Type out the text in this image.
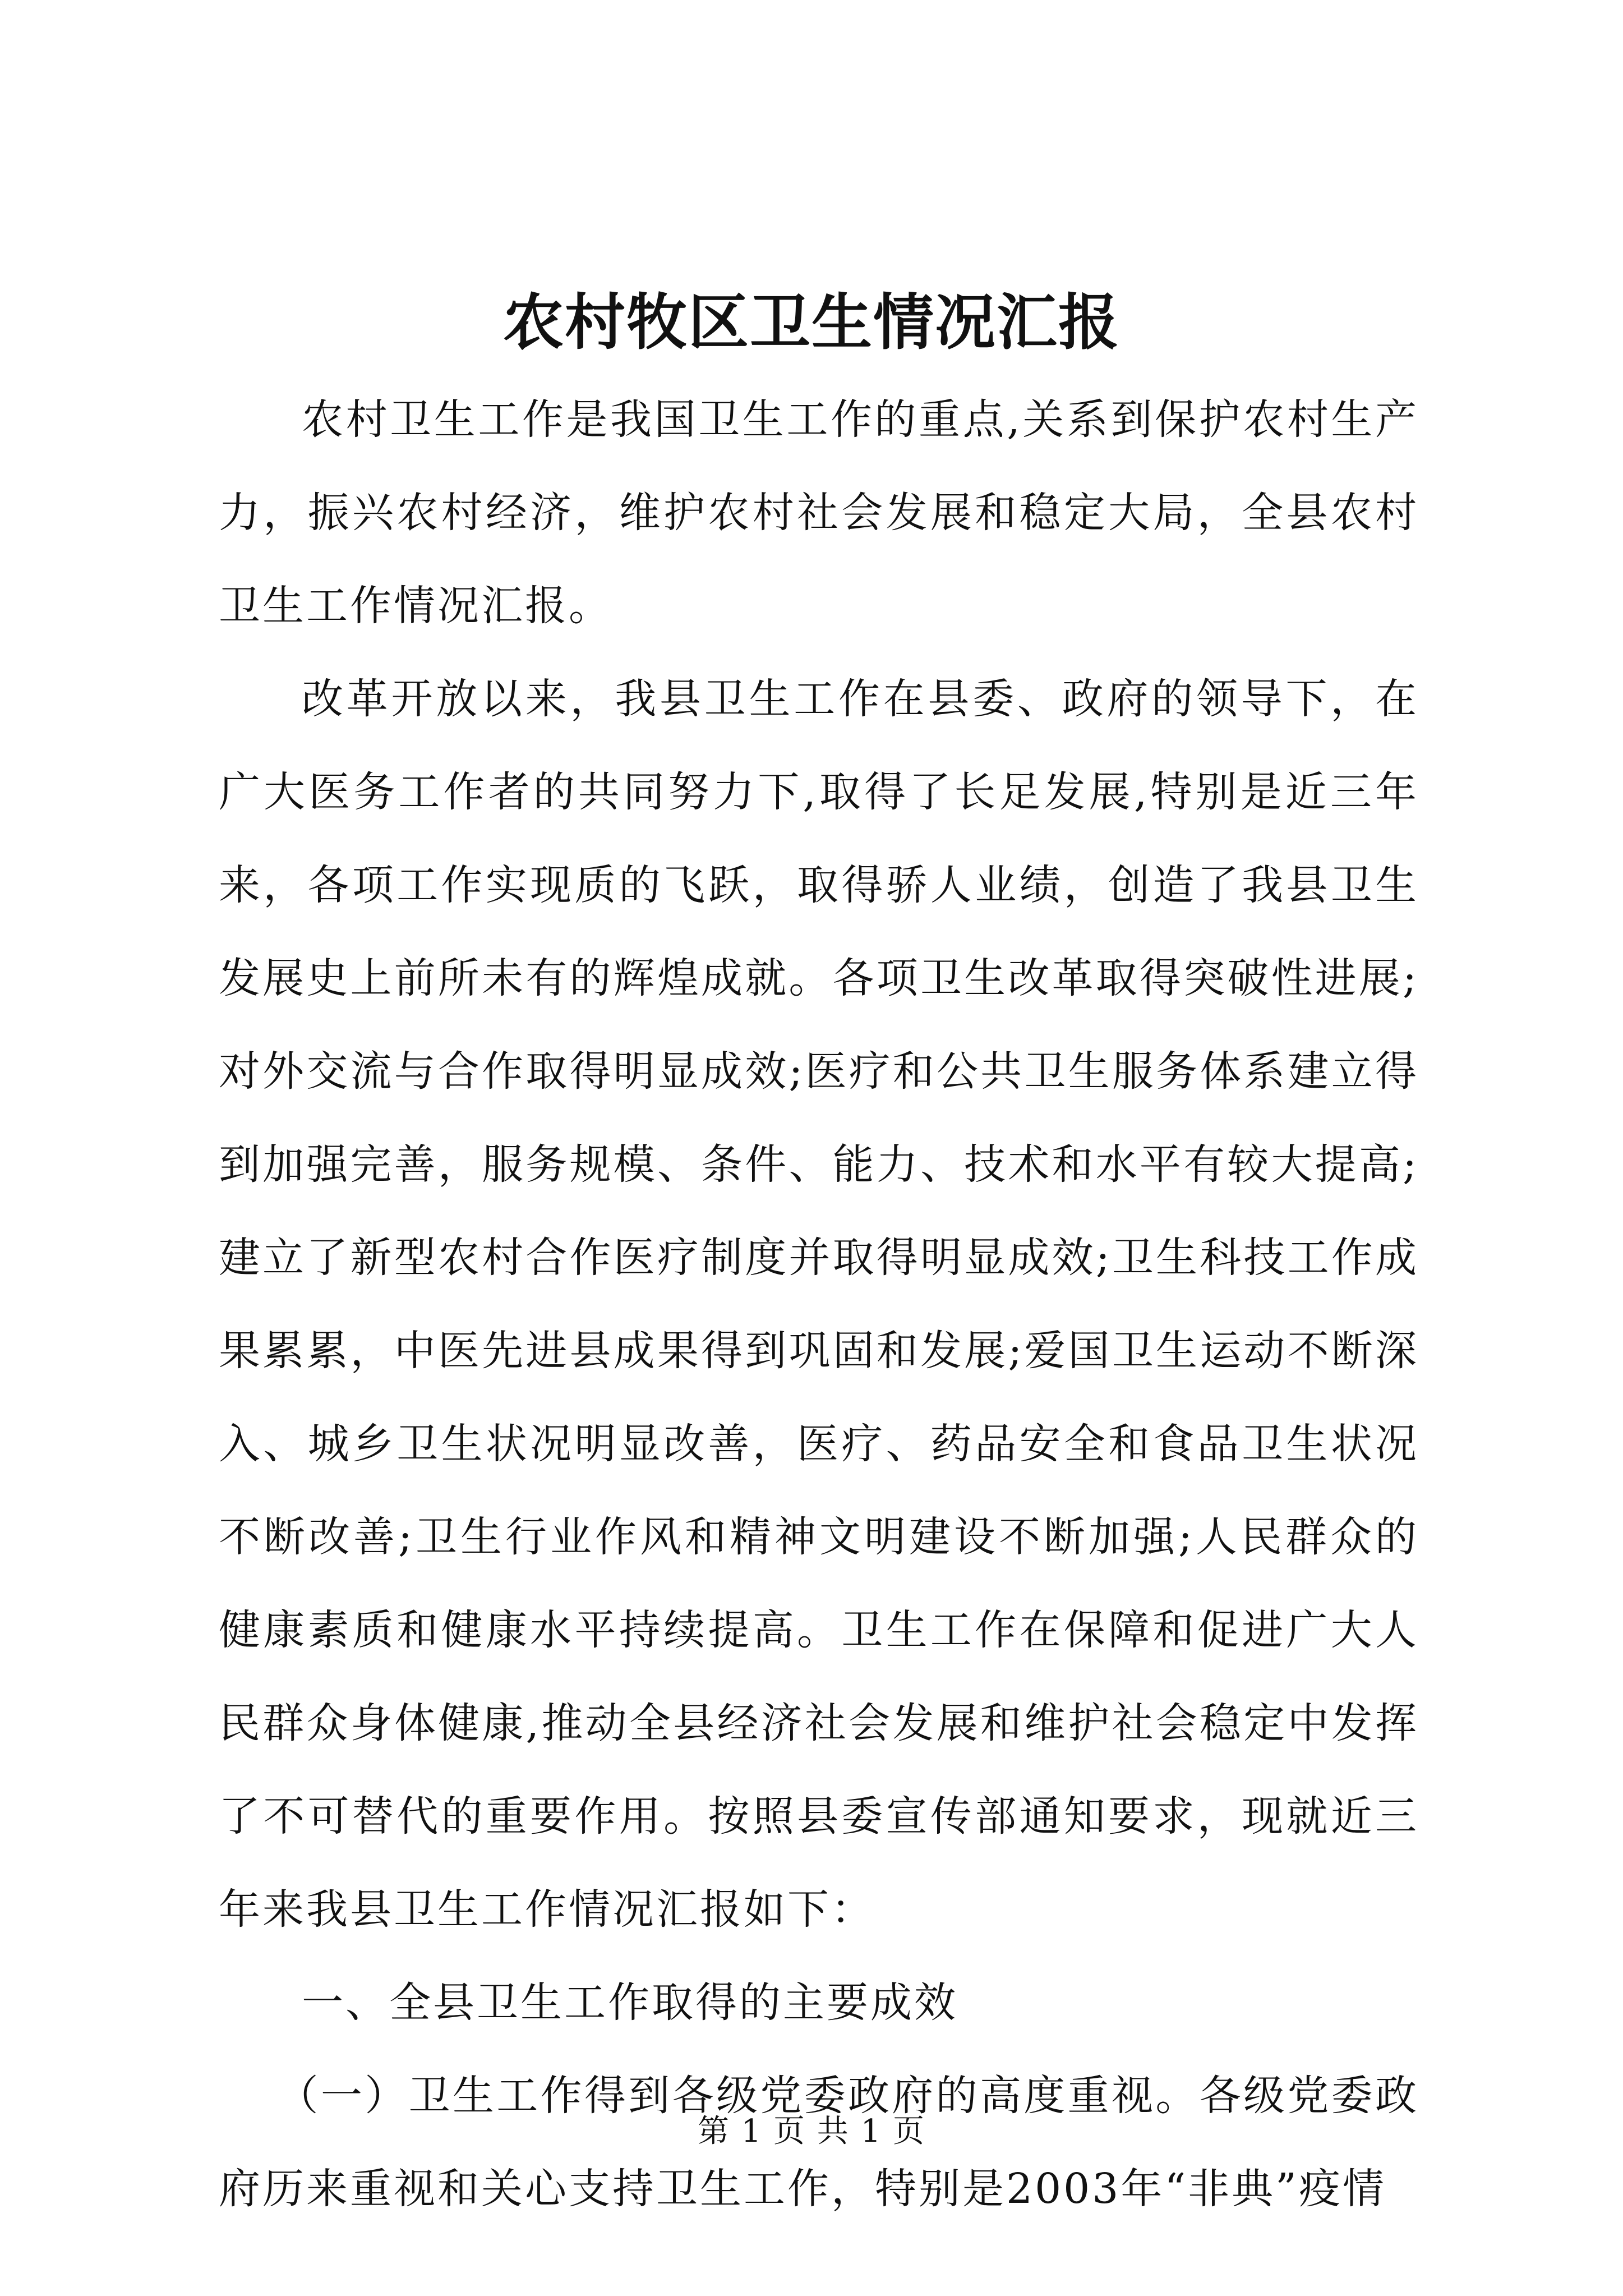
农村牧区卫生情况汇报

农村卫生工作是我国卫生工作的重点,关系到保护农村生产力，振兴农村经济，维护农村社会发展和稳定大局，全县农村卫生工作情况汇报。

改革开放以来，我县卫生工作在县委、政府的领导下，在广大医务工作者的共同努力下,取得了长足发展,特别是近三年来，各项工作实现质的飞跃，取得骄人业绩，创造了我县卫生发展史上前所未有的辉煌成就。各项卫生改革取得突破性进展;对外交流与合作取得明显成效;医疗和公共卫生服务体系建立得到加强完善，服务规模、条件、能力、技术和水平有较大提高;建立了新型农村合作医疗制度并取得明显成效;卫生科技工作成果累累，中医先进县成果得到巩固和发展;爱国卫生运动不断深入、城乡卫生状况明显改善，医疗、药品安全和食品卫生状况不断改善;卫生行业作风和精神文明建设不断加强;人民群众的健康素质和健康水平持续提高。卫生工作在保障和促进广大人民群众身体健康,推动全县经济社会发展和维护社会稳定中发挥了不可替代的重要作用。按照县委宣传部通知要求，现就近三年来我县卫生工作情况汇报如下：

一、全县卫生工作取得的主要成效

（一）卫生工作得到各级党委政府的高度重视。各级党委政府历来重视和关心支持卫生工作，特别是2003年“非典”疫情

第 1 页 共 1 页
